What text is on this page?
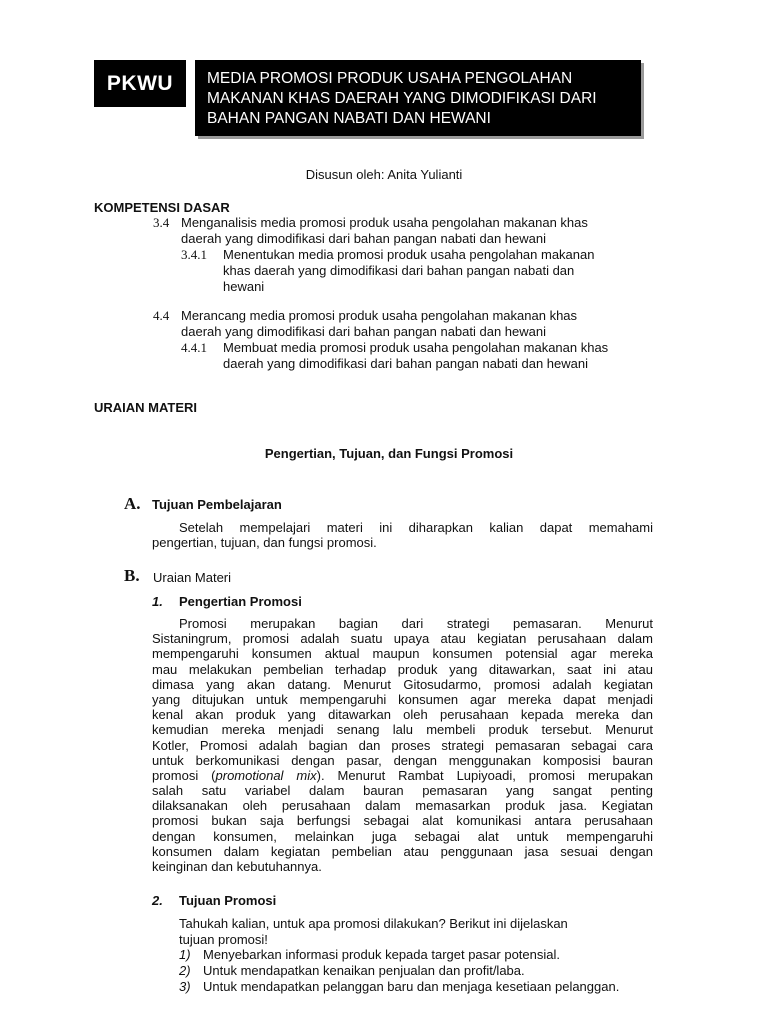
PKWU MEDIA PROMOSI PRODUK USAHA PENGOLAHAN
MAKANAN KHAS DAERAH YANG DIMODIFIKASI DARI
BAHAN PANGAN NABATI DAN HEWANI
Disusun oleh: Anita Yulianti
KOMPETENSI DASAR
3.4 Menganalisis media promosi produk usaha pengolahan makanan khas
daerah yang dimodifikasi dari bahan pangan nabati dan hewani
3.4.1 Menentukan media promosi produk usaha pengolahan makanan
khas daerah yang dimodifikasi dari bahan pangan nabati dan
hewani
4.4 Merancang media promosi produk usaha pengolahan makanan khas
daerah yang dimodifikasi dari bahan pangan nabati dan hewani
4.4.1 Membuat media promosi produk usaha pengolahan makanan khas
daerah yang dimodifikasi dari bahan pangan nabati dan hewani
URAIAN MATERI
Pengertian, Tujuan, dan Fungsi Promosi
A. Tujuan Pembelajaran
Setelah mempelajari materi ini diharapkan kalian dapat memahami
pengertian, tujuan, dan fungsi promosi.
B. Uraian Materi
1. Pengertian Promosi
Promosi merupakan bagian dari strategi pemasaran. Menurut
Sistaningrum, promosi adalah suatu upaya atau kegiatan perusahaan dalam
mempengaruhi konsumen aktual maupun konsumen potensial agar mereka
mau melakukan pembelian terhadap produk yang ditawarkan, saat ini atau
dimasa yang akan datang. Menurut Gitosudarmo, promosi adalah kegiatan
yang ditujukan untuk mempengaruhi konsumen agar mereka dapat menjadi
kenal akan produk yang ditawarkan oleh perusahaan kepada mereka dan
kemudian mereka menjadi senang lalu membeli produk tersebut. Menurut
Kotler, Promosi adalah bagian dan proses strategi pemasaran sebagai cara
untuk berkomunikasi dengan pasar, dengan menggunakan komposisi bauran
promosi (promotional mix). Menurut Rambat Lupiyoadi, promosi merupakan
salah satu variabel dalam bauran pemasaran yang sangat penting
dilaksanakan oleh perusahaan dalam memasarkan produk jasa. Kegiatan
promosi bukan saja berfungsi sebagai alat komunikasi antara perusahaan
dengan konsumen, melainkan juga sebagai alat untuk mempengaruhi
konsumen dalam kegiatan pembelian atau penggunaan jasa sesuai dengan
keinginan dan kebutuhannya.
2. Tujuan Promosi
Tahukah kalian, untuk apa promosi dilakukan? Berikut ini dijelaskan
tujuan promosi!
1) Menyebarkan informasi produk kepada target pasar potensial.
2) Untuk mendapatkan kenaikan penjualan dan profit/laba.
3) Untuk mendapatkan pelanggan baru dan menjaga kesetiaan pelanggan.
